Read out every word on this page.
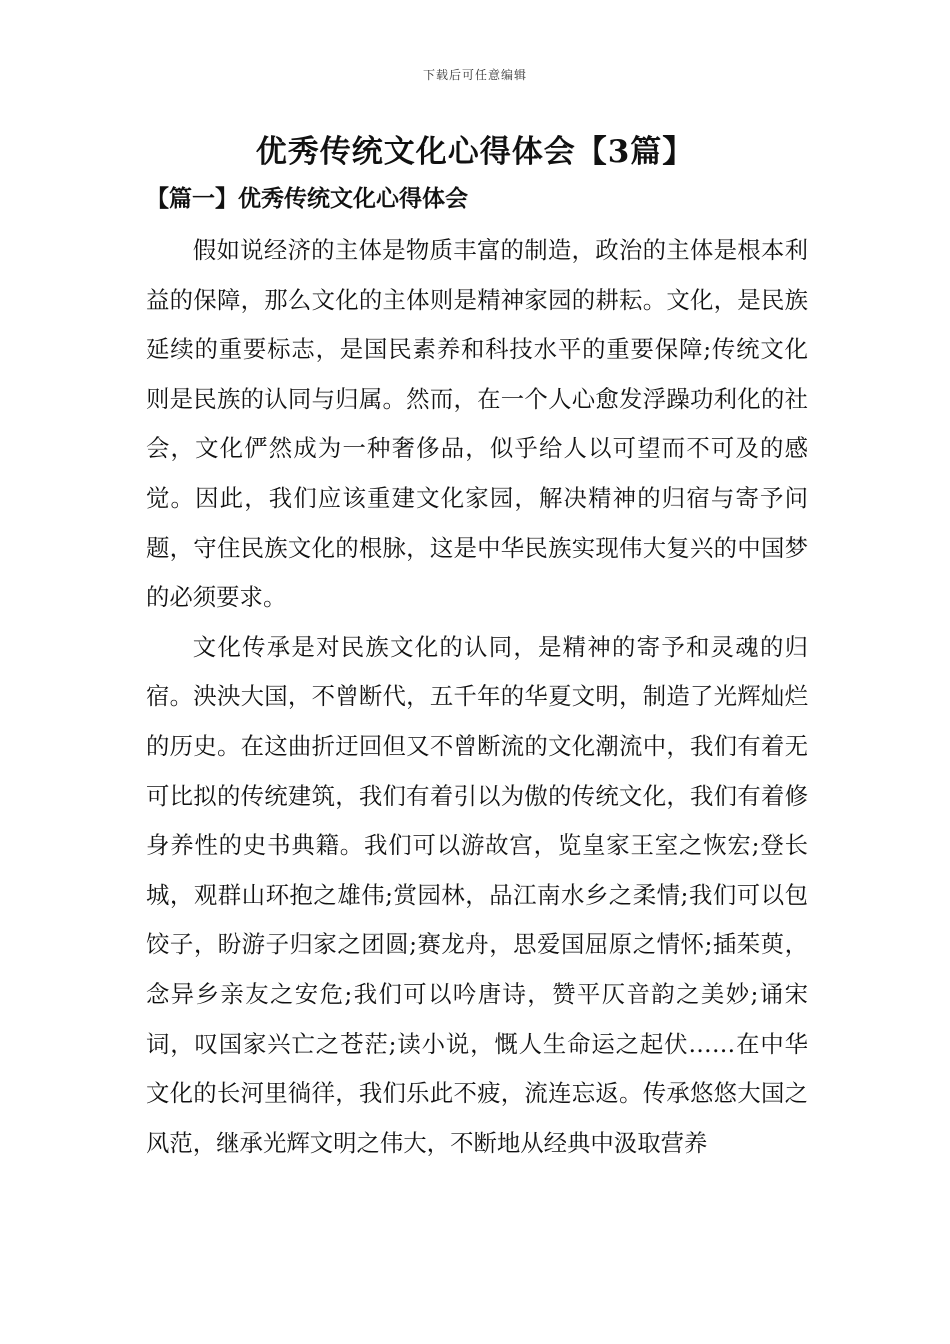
下载后可任意编辑
优秀传统文化心得体会【3篇】
【篇一】优秀传统文化心得体会

假如说经济的主体是物质丰富的制造，政治的主体是根本利益的保障，那么文化的主体则是精神家园的耕耘。文化，是民族延续的重要标志，是国民素养和科技水平的重要保障;传统文化则是民族的认同与归属。然而，在一个人心愈发浮躁功利化的社会，文化俨然成为一种奢侈品，似乎给人以可望而不可及的感觉。因此，我们应该重建文化家园，解决精神的归宿与寄予问题，守住民族文化的根脉，这是中华民族实现伟大复兴的中国梦的必须要求。

文化传承是对民族文化的认同，是精神的寄予和灵魂的归宿。泱泱大国，不曾断代，五千年的华夏文明，制造了光辉灿烂的历史。在这曲折迂回但又不曾断流的文化潮流中，我们有着无可比拟的传统建筑，我们有着引以为傲的传统文化，我们有着修身养性的史书典籍。我们可以游故宫，览皇家王室之恢宏;登长城，观群山环抱之雄伟;赏园林，品江南水乡之柔情;我们可以包饺子，盼游子归家之团圆;赛龙舟，思爱国屈原之情怀;插茱萸，念异乡亲友之安危;我们可以吟唐诗，赞平仄音韵之美妙;诵宋词，叹国家兴亡之苍茫;读小说，慨人生命运之起伏……在中华文化的长河里徜徉，我们乐此不疲，流连忘返。传承悠悠大国之风范，继承光辉文明之伟大，不断地从经典中汲取营养
